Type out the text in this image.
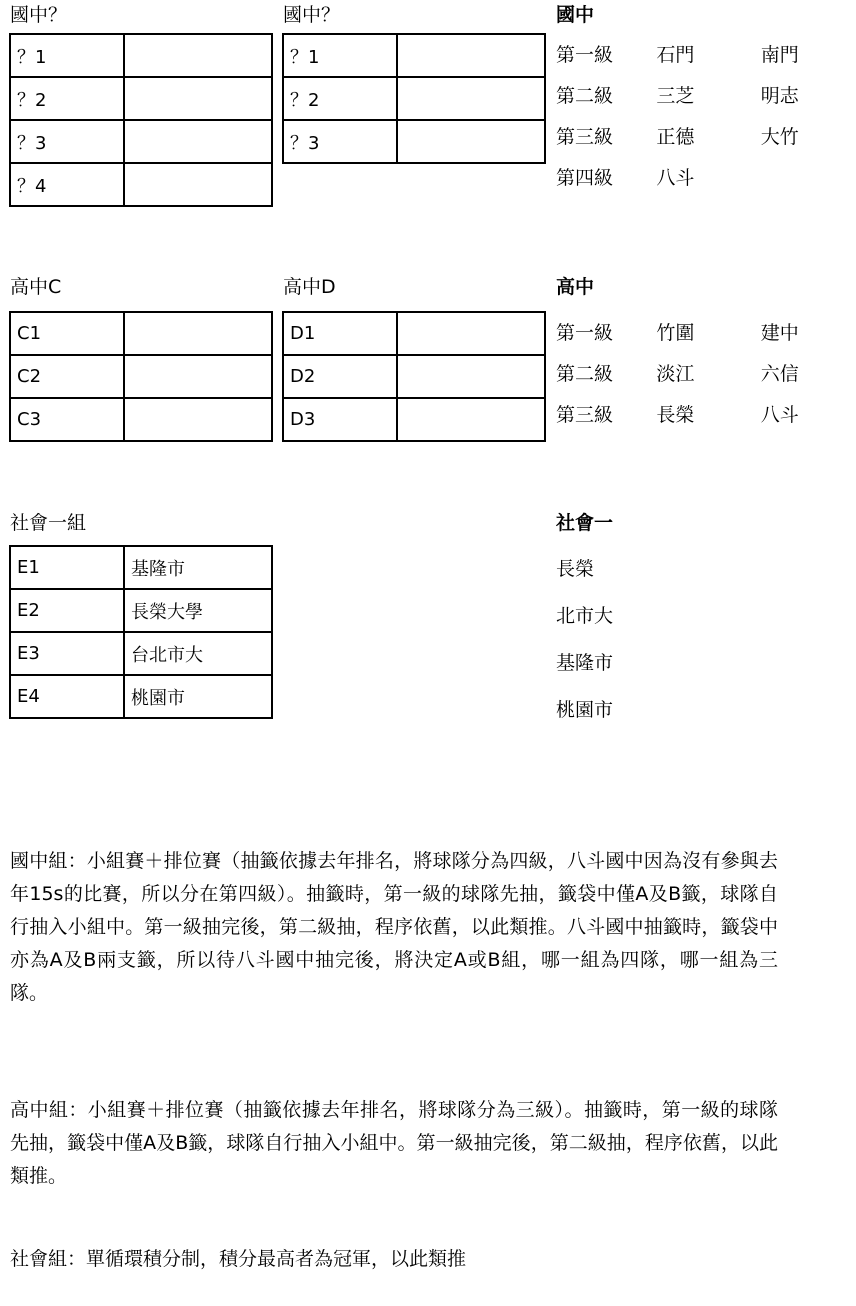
國中？
？1	
？2	
？3	
？4	
國中？
？1	
？2	
？3	
國中
第一級	石門	南門
第二級	三芝	明志
第三級	正德	大竹
第四級	八斗	
高中C
C1	
C2	
C3	
高中D
D1	
D2	
D3	
高中
第一級	竹圍	建中
第二級	淡江	六信
第三級	長榮	八斗
社會一組
E1	基隆市
E2	長榮大學
E3	台北市大
E4	桃園市
社會一
長榮
北市大
基隆市
桃園市
國中組：小組賽＋排位賽（抽籤依據去年排名，將球隊分為四級，八斗國中因為沒有參與去年15s的比賽，所以分在第四級）。抽籤時，第一級的球隊先抽，籤袋中僅A及B籤，球隊自行抽入小組中。第一級抽完後，第二級抽，程序依舊，以此類推。八斗國中抽籤時，籤袋中亦為A及B兩支籤，所以待八斗國中抽完後，將決定A或B組，哪一組為四隊，哪一組為三隊。
高中組：小組賽＋排位賽（抽籤依據去年排名，將球隊分為三級）。抽籤時，第一級的球隊先抽，籤袋中僅A及B籤，球隊自行抽入小組中。第一級抽完後，第二級抽，程序依舊，以此類推。
社會組：單循環積分制，積分最高者為冠軍，以此類推
